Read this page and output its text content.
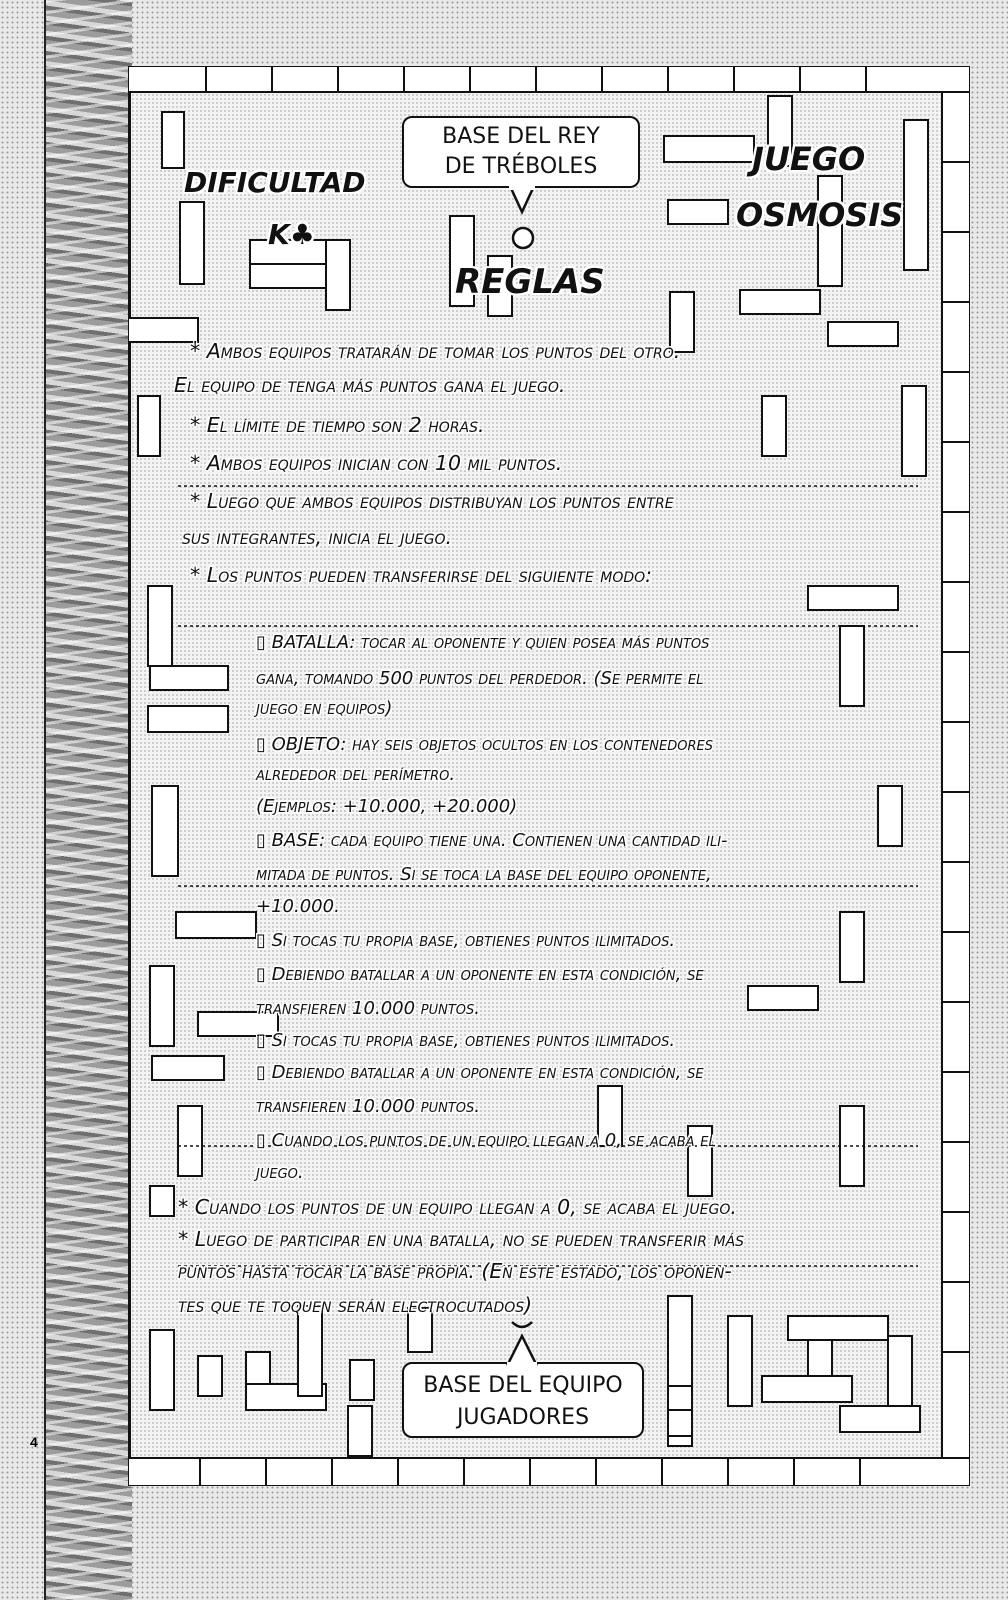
4
BASE DEL REY
DE TRÉBOLES
BASE DEL EQUIPO
JUGADORES
DIFICULTAD
K♣
REGLAS
JUEGO
OSMOSIS
* Ambos equipos tratarán de tomar los puntos del otro.
El equipo de tenga más puntos gana el juego.
* El límite de tiempo son 2 horas.
* Ambos equipos inician con 10 mil puntos.
* Luego que ambos equipos distribuyan los puntos entre
sus integrantes, inicia el juego.
* Los puntos pueden transferirse del siguiente modo:
▯ BATALLA: tocar al oponente y quien posea más puntos
gana, tomando 500 puntos del perdedor. (Se permite el
juego en equipos)
▯ OBJETO: hay seis objetos ocultos en los contenedores
alrededor del perímetro.
(Ejemplos: +10.000, +20.000)
▯ BASE: cada equipo tiene una. Contienen una cantidad ili-
mitada de puntos. Si se toca la base del equipo oponente,
+10.000.
▯ Si tocas tu propia base, obtienes puntos ilimitados.
▯ Debiendo batallar a un oponente en esta condición, se
transfieren 10.000 puntos.
▯ Si tocas tu propia base, obtienes puntos ilimitados.
▯ Debiendo batallar a un oponente en esta condición, se
transfieren 10.000 puntos.
▯ Cuando los puntos de un equipo llegan a 0, se acaba el
juego.
* Cuando los puntos de un equipo llegan a 0, se acaba el juego.
* Luego de participar en una batalla, no se pueden transferir más
puntos hasta tocar la base propia. (En este estado, los oponen-
tes que te toquen serán electrocutados)
